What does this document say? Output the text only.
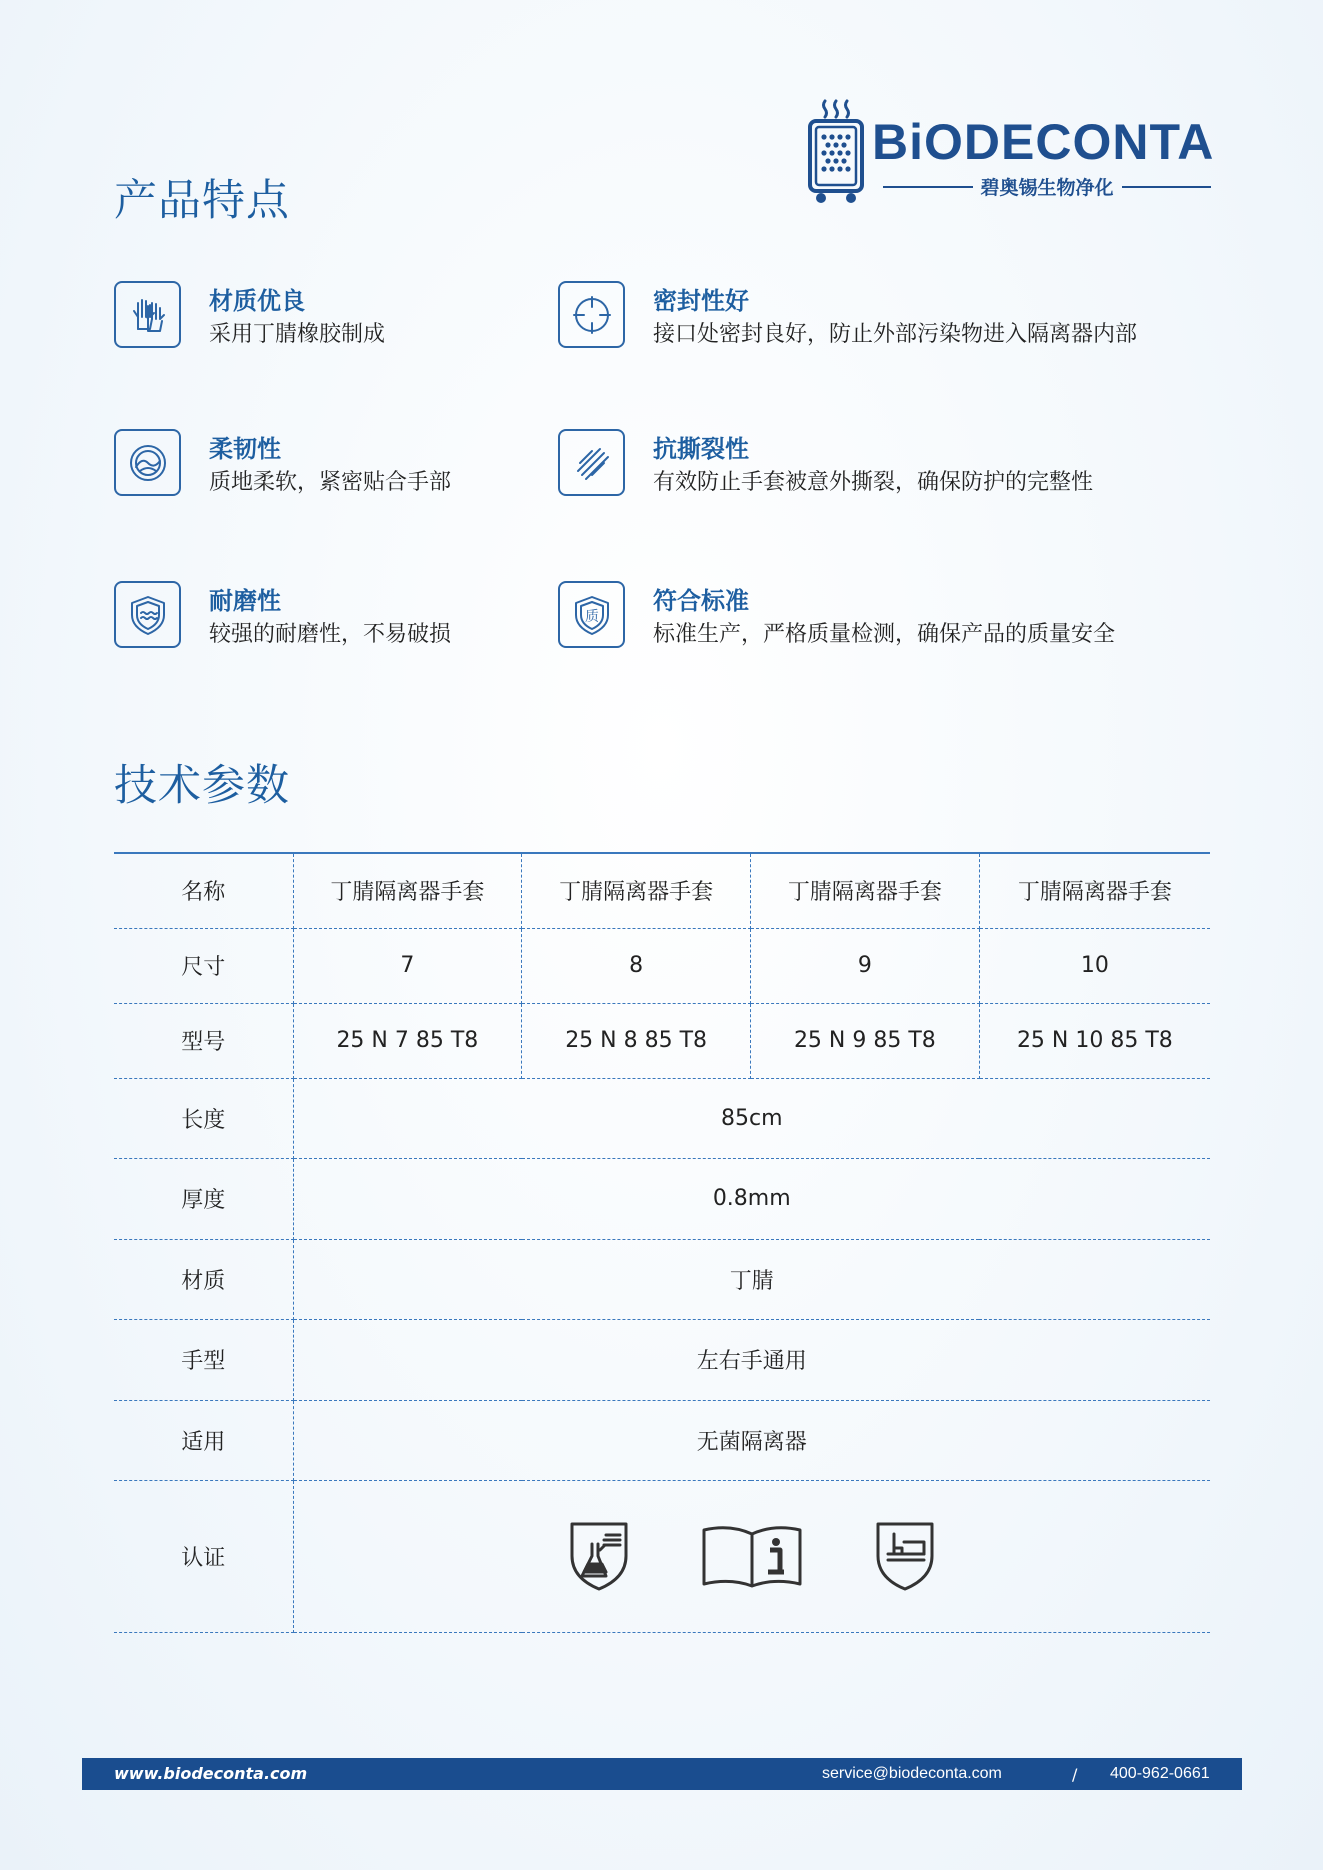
BiODECONTA
碧奥锡生物净化
产品特点
材质优良
采用丁腈橡胶制成
密封性好
接口处密封良好，防止外部污染物进入隔离器内部
柔韧性
质地柔软，紧密贴合手部
抗撕裂性
有效防止手套被意外撕裂，确保防护的完整性
耐磨性
较强的耐磨性，不易破损
质
符合标准
标准生产，严格质量检测，确保产品的质量安全
技术参数
名称	丁腈隔离器手套	丁腈隔离器手套	丁腈隔离器手套	丁腈隔离器手套
尺寸	7	8	9	10
型号	25 N 7 85 T8	25 N 8 85 T8	25 N 9 85 T8	25 N 10 85 T8
长度	85cm			
厚度	0.8mm			
材质	丁腈			
手型	左右手通用			
适用	无菌隔离器			
认证	
www.biodeconta.com	service@biodeconta.com	/ 400-962-0661
